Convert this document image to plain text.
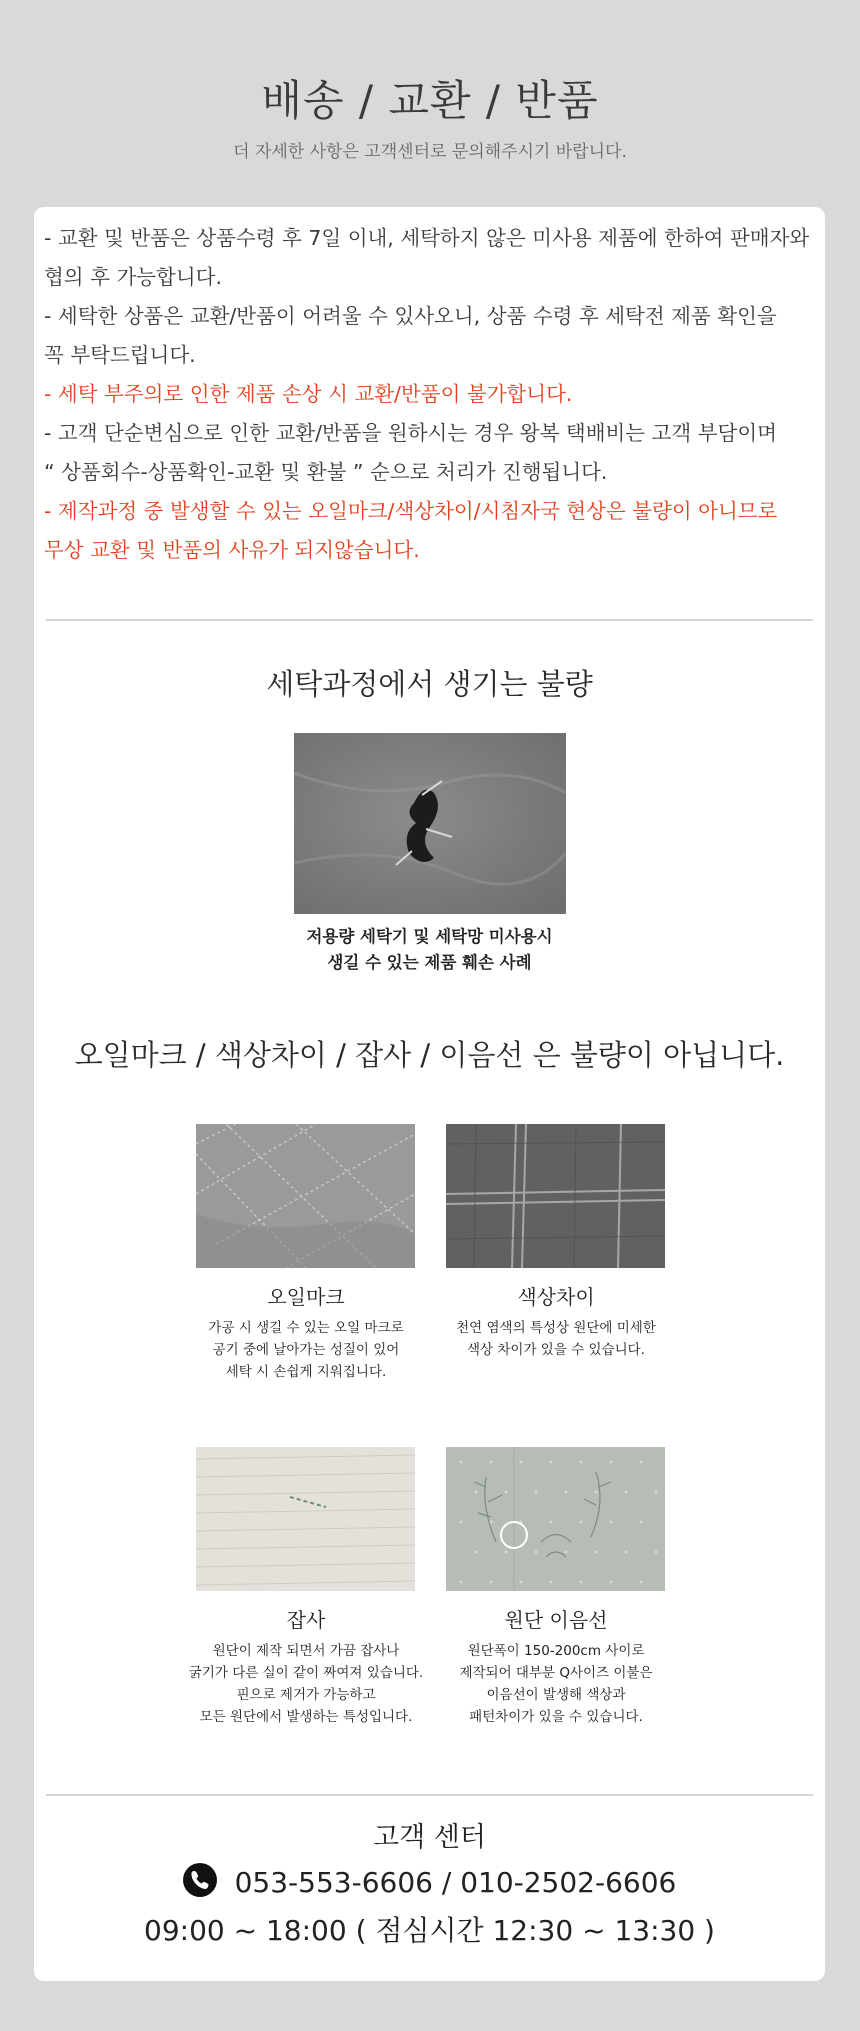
배송 / 교환 / 반품
더 자세한 사항은 고객센터로 문의해주시기 바랍니다.
- 교환 및 반품은 상품수령 후 7일 이내, 세탁하지 않은 미사용 제품에 한하여 판매자와
협의 후 가능합니다.
- 세탁한 상품은 교환/반품이 어려울 수 있사오니, 상품 수령 후 세탁전 제품 확인을
꼭 부탁드립니다.
- 세탁 부주의로 인한 제품 손상 시 교환/반품이 불가합니다.
- 고객 단순변심으로 인한 교환/반품을 원하시는 경우 왕복 택배비는 고객 부담이며
“ 상품회수-상품확인-교환 및 환불 ” 순으로 처리가 진행됩니다.
- 제작과정 중 발생할 수 있는 오일마크/색상차이/시침자국 현상은 불량이 아니므로
무상 교환 및 반품의 사유가 되지않습니다.
세탁과정에서 생기는 불량
저용량 세탁기 및 세탁망 미사용시
생길 수 있는 제품 훼손 사례
오일마크 / 색상차이 / 잡사 / 이음선 은 불량이 아닙니다.
오일마크
가공 시 생길 수 있는 오일 마크로
공기 중에 날아가는 성질이 있어
세탁 시 손쉽게 지워집니다.
색상차이
천연 염색의 특성상 원단에 미세한
색상 차이가 있을 수 있습니다.
잡사
원단이 제작 되면서 가끔 잡사나
굵기가 다른 실이 같이 짜여져 있습니다.
핀으로 제거가 가능하고
모든 원단에서 발생하는 특성입니다.
원단 이음선
원단폭이 150-200cm 사이로
제작되어 대부분 Q사이즈 이불은
이음선이 발생해 색상과
패턴차이가 있을 수 있습니다.
고객 센터
053-553-6606 / 010-2502-6606
09:00 ~ 18:00 ( 점심시간 12:30 ~ 13:30 )
